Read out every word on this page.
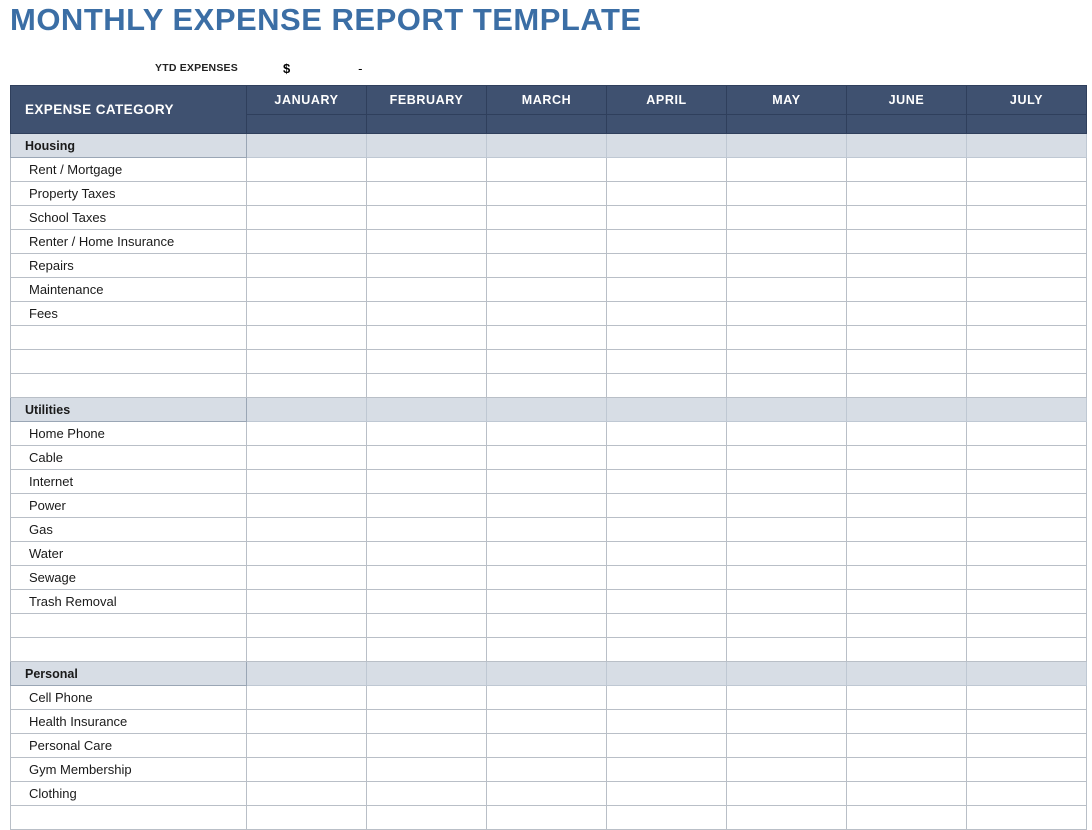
MONTHLY EXPENSE REPORT TEMPLATE
YTD EXPENSES	$	-
EXPENSE CATEGORY	JANUARY	FEBRUARY	MARCH	APRIL	MAY	JUNE	JULY

Housing							
Rent / Mortgage							
Property Taxes							
School Taxes							
Renter / Home Insurance							
Repairs							
Maintenance							
Fees							

Utilities							
Home Phone							
Cable							
Internet							
Power							
Gas							
Water							
Sewage							
Trash Removal							

Personal							
Cell Phone							
Health Insurance							
Personal Care							
Gym Membership							
Clothing							
